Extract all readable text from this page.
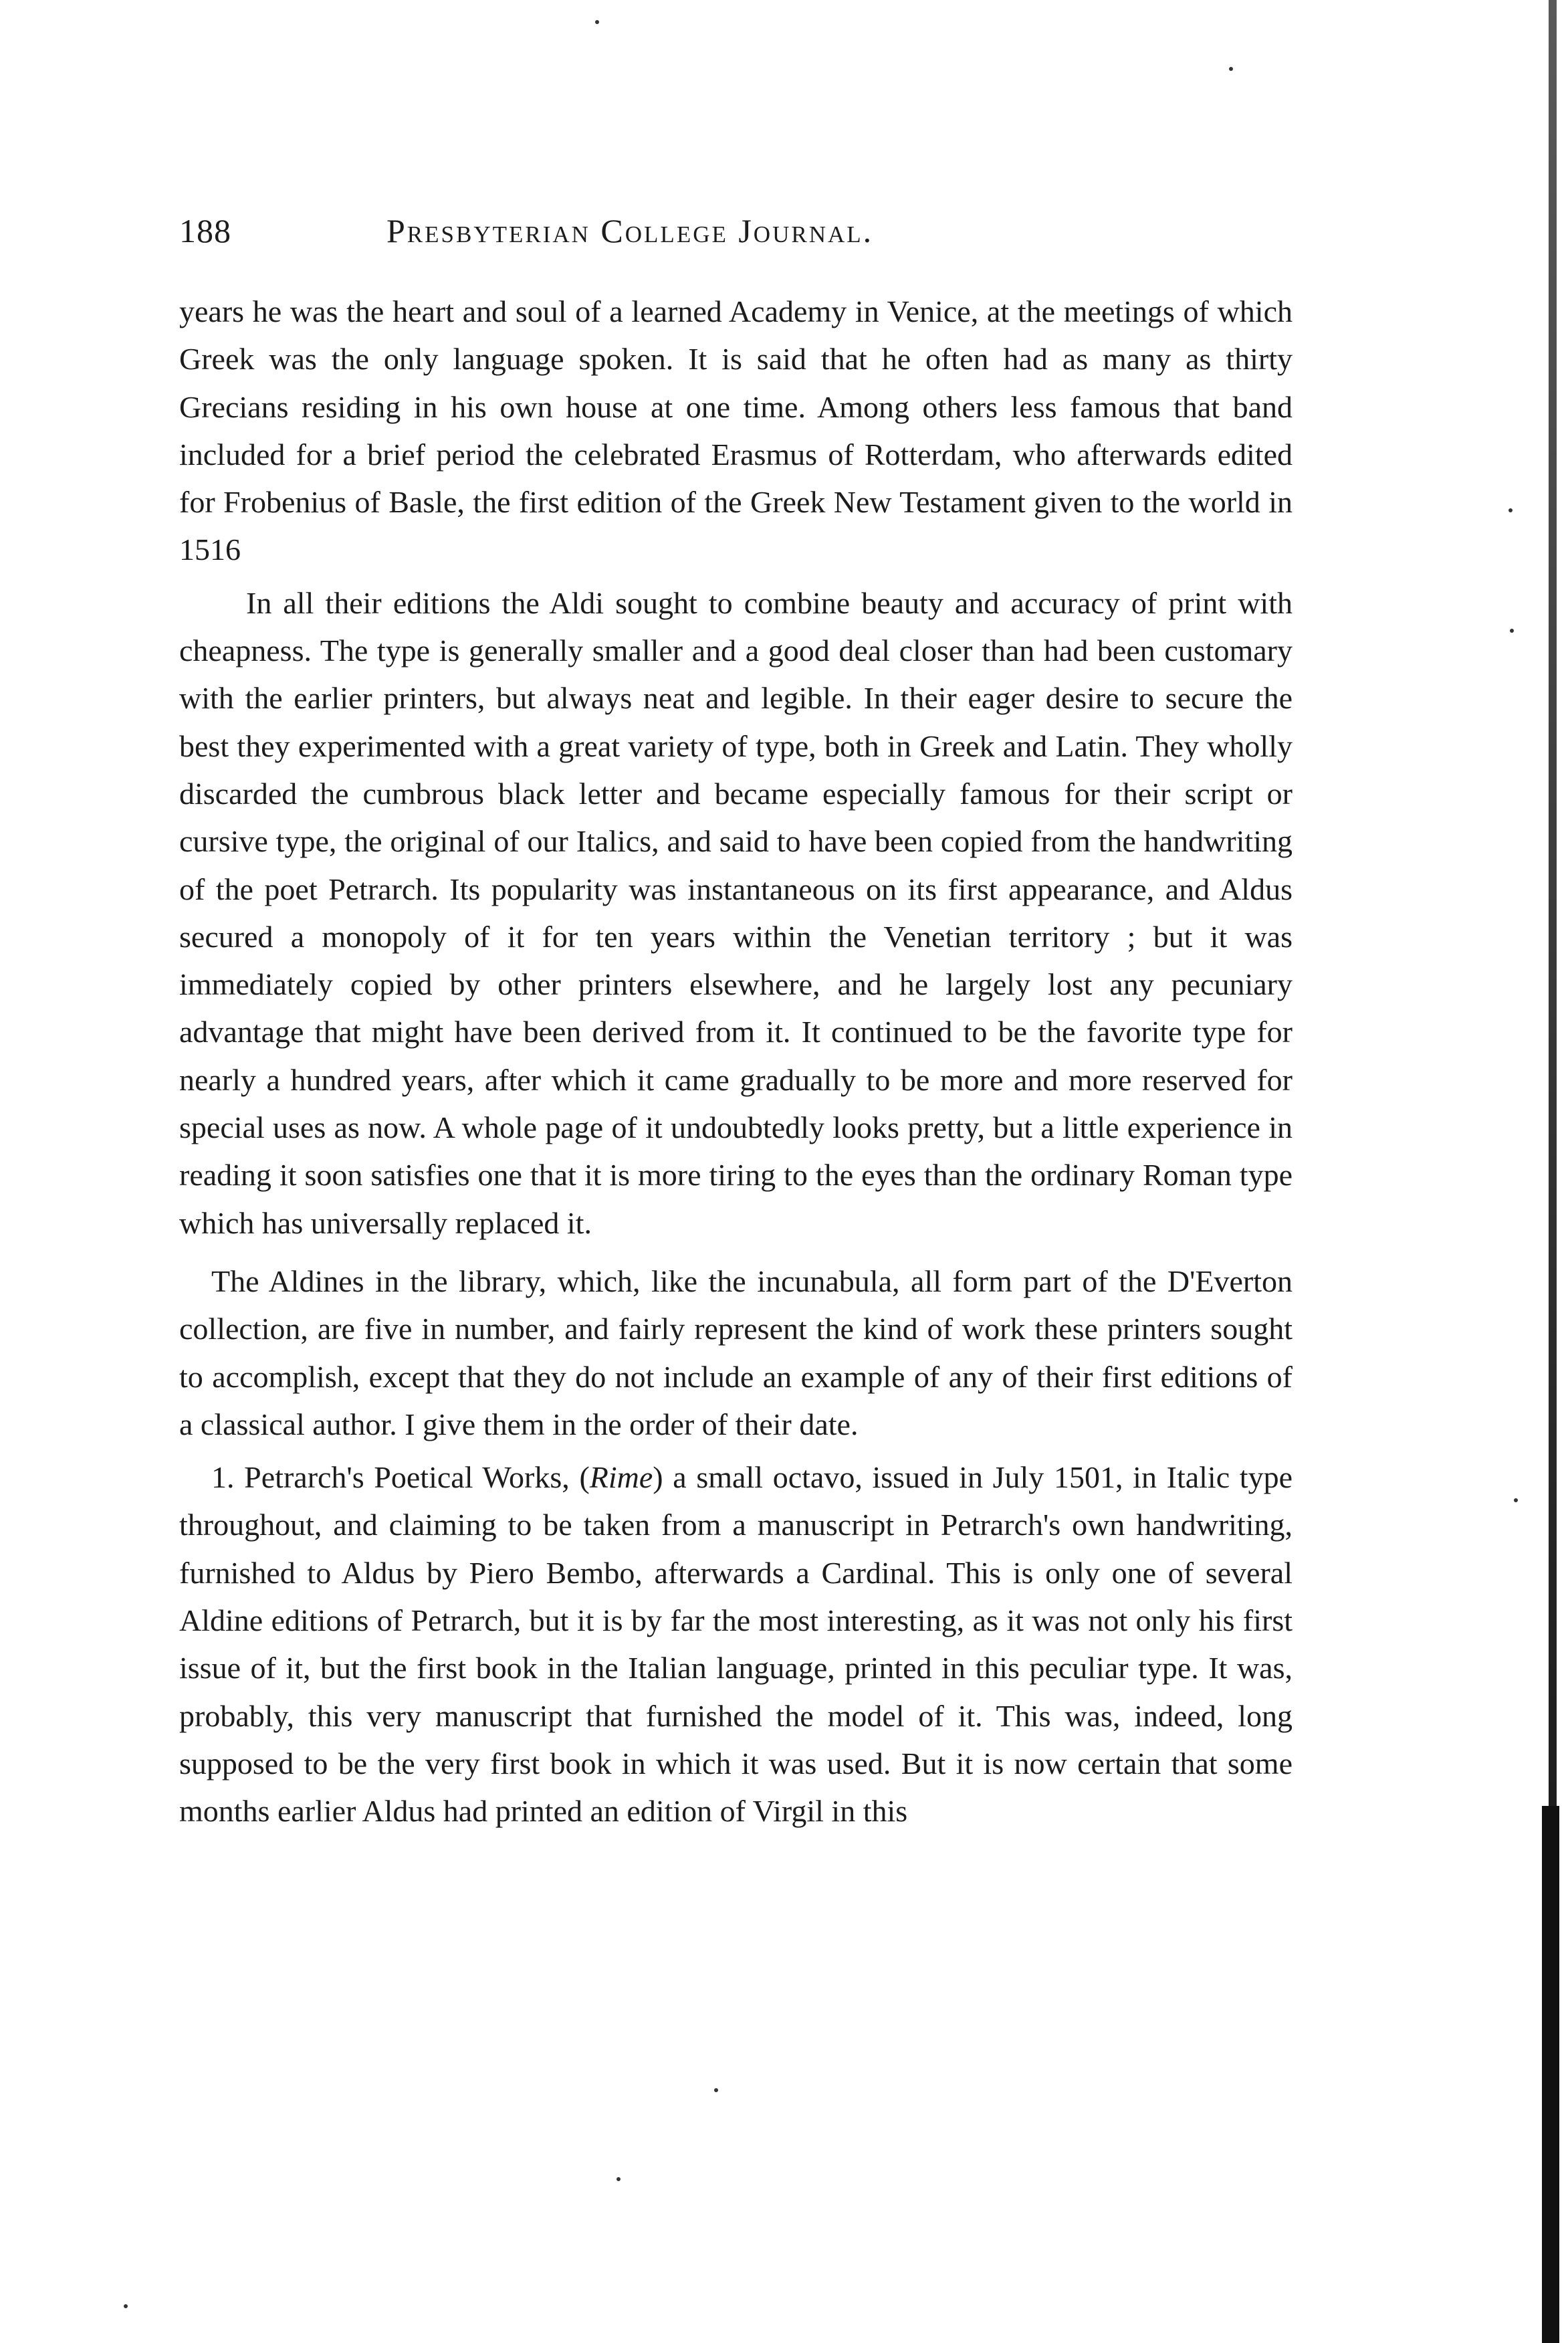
188	Presbyterian College Journal.

years he was the heart and soul of a learned Academy in Venice, at the meetings of which Greek was the only language spoken. It is said that he often had as many as thirty Grecians residing in his own house at one time. Among others less famous that band included for a brief period the celebrated Erasmus of Rotterdam, who afterwards edited for Frobenius of Basle, the first edition of the Greek New Testament given to the world in 1516

In all their editions the Aldi sought to combine beauty and accuracy of print with cheapness. The type is generally smaller and a good deal closer than had been customary with the earlier printers, but always neat and legible. In their eager desire to secure the best they experimented with a great variety of type, both in Greek and Latin. They wholly discarded the cumbrous black letter and became especially famous for their script or cursive type, the original of our Italics, and said to have been copied from the handwriting of the poet Petrarch. Its popularity was instantaneous on its first appearance, and Aldus secured a monopoly of it for ten years within the Venetian territory ; but it was immediately copied by other printers elsewhere, and he largely lost any pecuniary advantage that might have been derived from it. It continued to be the favorite type for nearly a hundred years, after which it came gradually to be more and more reserved for special uses as now. A whole page of it undoubtedly looks pretty, but a little experience in reading it soon satisfies one that it is more tiring to the eyes than the ordinary Roman type which has universally replaced it.

The Aldines in the library, which, like the incunabula, all form part of the D'Everton collection, are five in number, and fairly represent the kind of work these printers sought to accomplish, except that they do not include an example of any of their first editions of a classical author. I give them in the order of their date.

1. Petrarch's Poetical Works, (Rime) a small octavo, issued in July 1501, in Italic type throughout, and claiming to be taken from a manuscript in Petrarch's own handwriting, furnished to Aldus by Piero Bembo, afterwards a Cardinal. This is only one of several Aldine editions of Petrarch, but it is by far the most interesting, as it was not only his first issue of it, but the first book in the Italian language, printed in this peculiar type. It was, probably, this very manuscript that furnished the model of it. This was, indeed, long supposed to be the very first book in which it was used. But it is now certain that some months earlier Aldus had printed an edition of Virgil in this
